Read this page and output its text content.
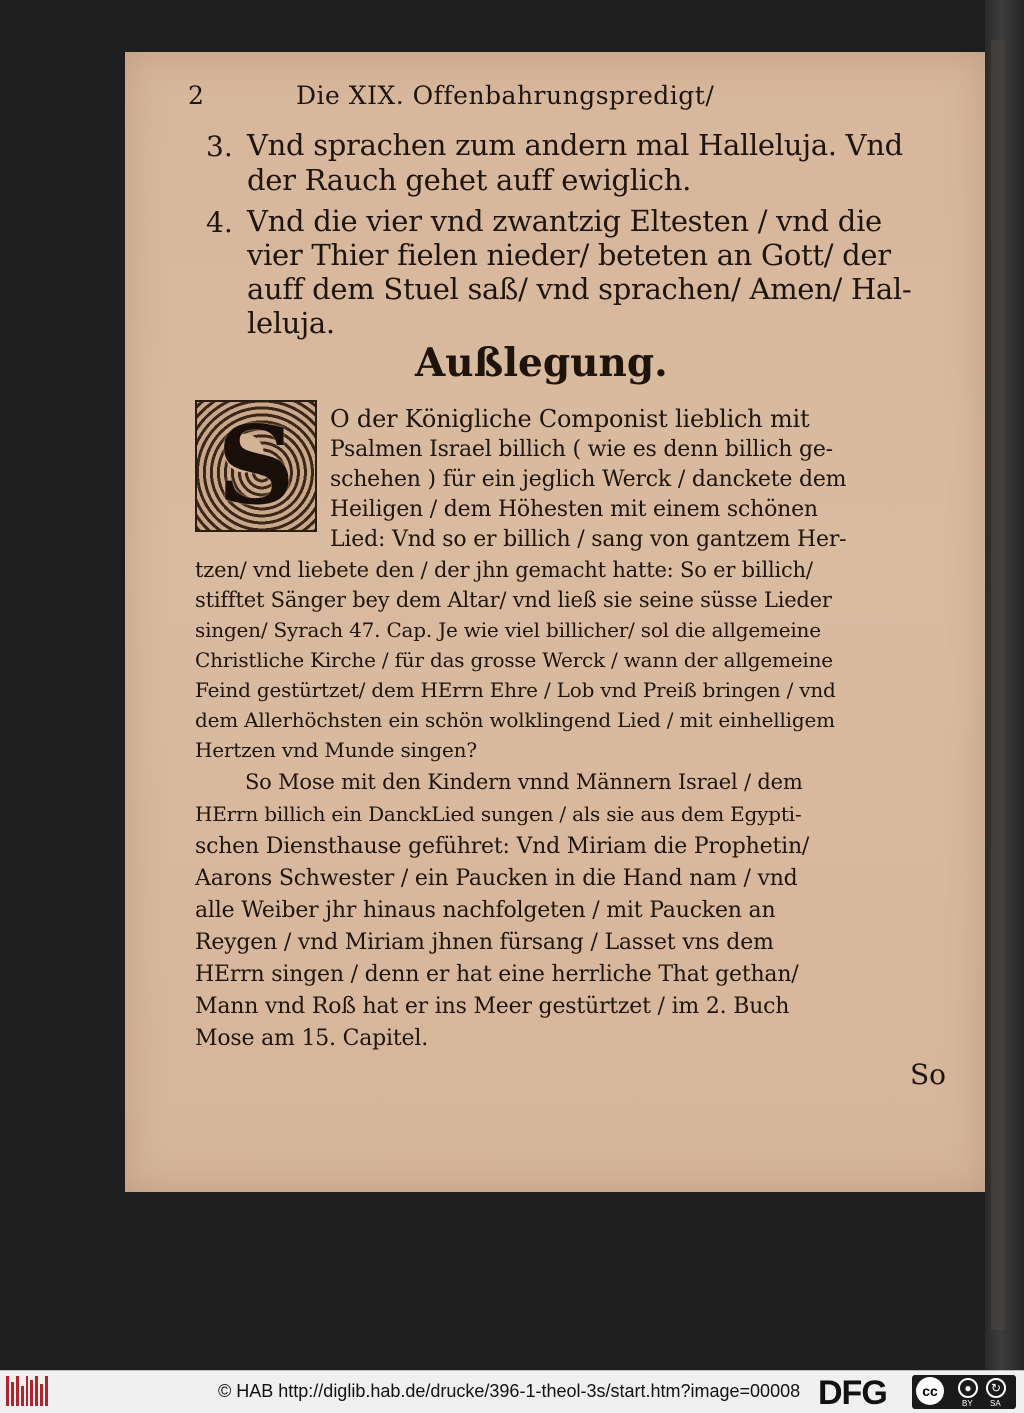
2	Die XIX. Offenbahrungspredigt/
3. Vnd sprachen zum andern mal Halleluja. Vnd
der Rauch gehet auff ewiglich.
4. Vnd die vier vnd zwantzig Eltesten / vnd die
vier Thier fielen nieder/ beteten an Gott/ der
auff dem Stuel saß/ vnd sprachen/ Amen/ Hal-
leluja.
Außlegung.
S O der Königliche Componist lieblich mit
Psalmen Israel billich ( wie es denn billich ge-
schehen ) für ein jeglich Werck / danckete dem
Heiligen / dem Höhesten mit einem schönen
Lied: Vnd so er billich / sang von gantzem Her-
tzen/ vnd liebete den / der jhn gemacht hatte: So er billich/
stifftet Sänger bey dem Altar/ vnd ließ sie seine süsse Lieder
singen/ Syrach 47. Cap. Je wie viel billicher/ sol die allgemeine
Christliche Kirche / für das grosse Werck / wann der allgemeine
Feind gestürtzet/ dem HErrn Ehre / Lob vnd Preiß bringen / vnd
dem Allerhöchsten ein schön wolklingend Lied / mit einhelligem
Hertzen vnd Munde singen?
So Mose mit den Kindern vnnd Männern Israel / dem
HErrn billich ein DanckLied sungen / als sie aus dem Egypti-
schen Diensthause geführet: Vnd Miriam die Prophetin/
Aarons Schwester / ein Paucken in die Hand nam / vnd
alle Weiber jhr hinaus nachfolgeten / mit Paucken an
Reygen / vnd Miriam jhnen fürsang / Lasset vns dem
HErrn singen / denn er hat eine herrliche That gethan/
Mann vnd Roß hat er ins Meer gestürtzet / im 2. Buch
Mose am 15. Capitel.
So
© HAB http://diglib.hab.de/drucke/396-1-theol-3s/start.htm?image=00008 DFG	cc	●	↻
BY SA
